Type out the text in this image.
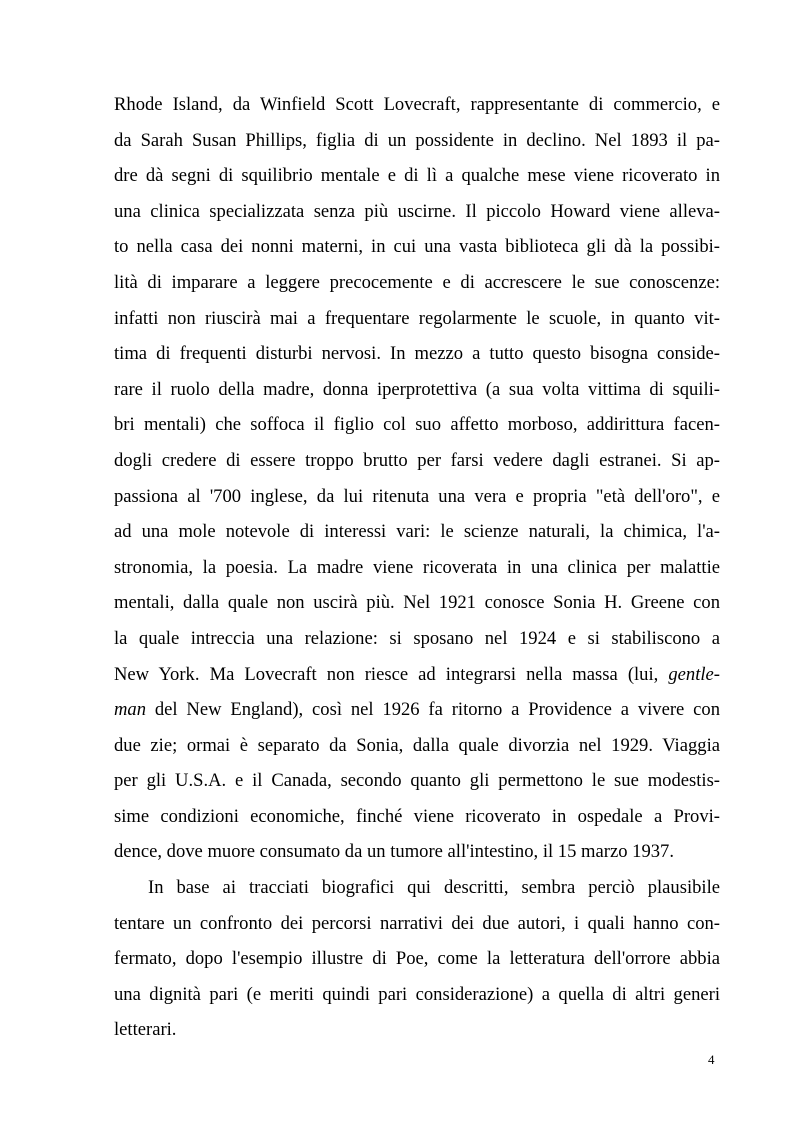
Rhode Island, da Winfield Scott Lovecraft, rappresentante di commercio, e
da Sarah Susan Phillips, figlia di un possidente in declino. Nel 1893 il pa-
dre dà segni di squilibrio mentale e di lì a qualche mese viene ricoverato in
una clinica specializzata senza più uscirne. Il piccolo Howard viene alleva-
to nella casa dei nonni materni, in cui una vasta biblioteca gli dà la possibi-
lità di imparare a leggere precocemente e di accrescere le sue conoscenze:
infatti non riuscirà mai a frequentare regolarmente le scuole, in quanto vit-
tima di frequenti disturbi nervosi. In mezzo a tutto questo bisogna conside-
rare il ruolo della madre, donna iperprotettiva (a sua volta vittima di squili-
bri mentali) che soffoca il figlio col suo affetto morboso, addirittura facen-
dogli credere di essere troppo brutto per farsi vedere dagli estranei. Si ap-
passiona al '700 inglese, da lui ritenuta una vera e propria "età dell'oro", e
ad una mole notevole di interessi vari: le scienze naturali, la chimica, l'a-
stronomia, la poesia. La madre viene ricoverata in una clinica per malattie
mentali, dalla quale non uscirà più. Nel 1921 conosce Sonia H. Greene con
la quale intreccia una relazione: si sposano nel 1924 e si stabiliscono a
New York. Ma Lovecraft non riesce ad integrarsi nella massa (lui, gentle-
man del New England), così nel 1926 fa ritorno a Providence a vivere con
due zie; ormai è separato da Sonia, dalla quale divorzia nel 1929. Viaggia
per gli U.S.A. e il Canada, secondo quanto gli permettono le sue modestis-
sime condizioni economiche, finché viene ricoverato in ospedale a Provi-
dence, dove muore consumato da un tumore all'intestino, il 15 marzo 1937.
In base ai tracciati biografici qui descritti, sembra perciò plausibile
tentare un confronto dei percorsi narrativi dei due autori, i quali hanno con-
fermato, dopo l'esempio illustre di Poe, come la letteratura dell'orrore abbia
una dignità pari (e meriti quindi pari considerazione) a quella di altri generi
letterari.
4
